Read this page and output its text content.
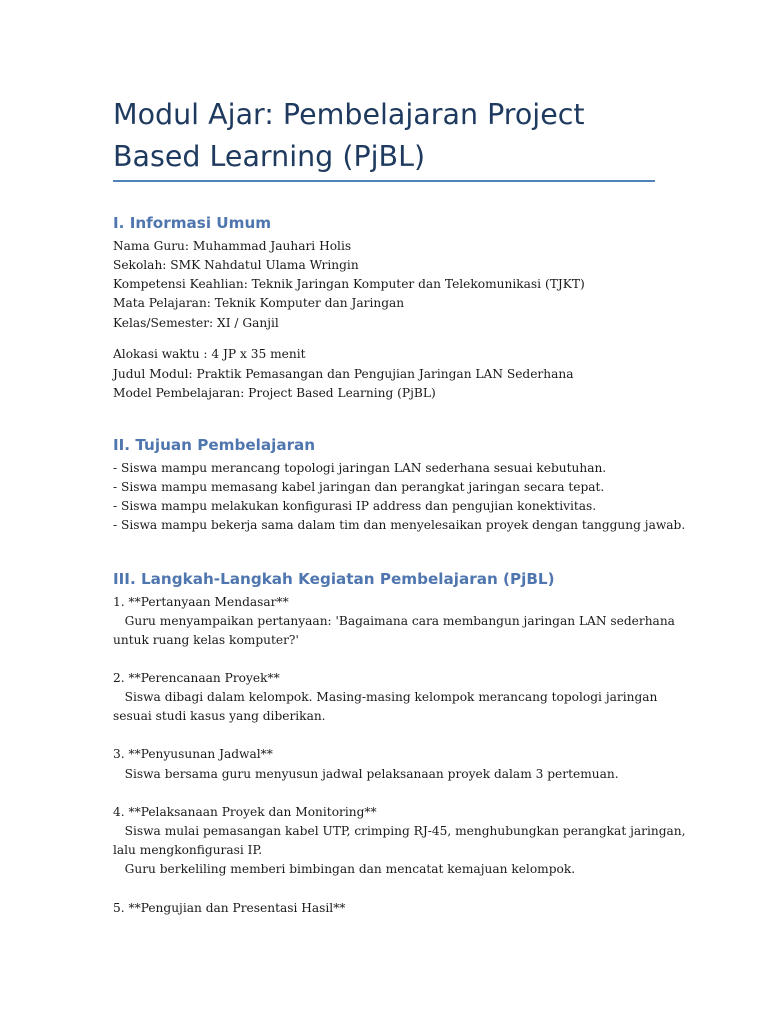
Modul Ajar: Pembelajaran Project
Based Learning (PjBL)
I. Informasi Umum

Nama Guru: Muhammad Jauhari Holis

Sekolah: SMK Nahdatul Ulama Wringin

Kompetensi Keahlian: Teknik Jaringan Komputer dan Telekomunikasi (TJKT)

Mata Pelajaran: Teknik Komputer dan Jaringan

Kelas/Semester: XI / Ganjil

Alokasi waktu : 4 JP x 35 menit

Judul Modul: Praktik Pemasangan dan Pengujian Jaringan LAN Sederhana

Model Pembelajaran: Project Based Learning (PjBL)

II. Tujuan Pembelajaran

- Siswa mampu merancang topologi jaringan LAN sederhana sesuai kebutuhan.

- Siswa mampu memasang kabel jaringan dan perangkat jaringan secara tepat.

- Siswa mampu melakukan konfigurasi IP address dan pengujian konektivitas.

- Siswa mampu bekerja sama dalam tim dan menyelesaikan proyek dengan tanggung jawab.

III. Langkah-Langkah Kegiatan Pembelajaran (PjBL)

1. **Pertanyaan Mendasar**

Guru menyampaikan pertanyaan: 'Bagaimana cara membangun jaringan LAN sederhana

untuk ruang kelas komputer?'

2. **Perencanaan Proyek**

Siswa dibagi dalam kelompok. Masing-masing kelompok merancang topologi jaringan

sesuai studi kasus yang diberikan.

3. **Penyusunan Jadwal**

Siswa bersama guru menyusun jadwal pelaksanaan proyek dalam 3 pertemuan.

4. **Pelaksanaan Proyek dan Monitoring**

Siswa mulai pemasangan kabel UTP, crimping RJ-45, menghubungkan perangkat jaringan,

lalu mengkonfigurasi IP.

Guru berkeliling memberi bimbingan dan mencatat kemajuan kelompok.

5. **Pengujian dan Presentasi Hasil**
